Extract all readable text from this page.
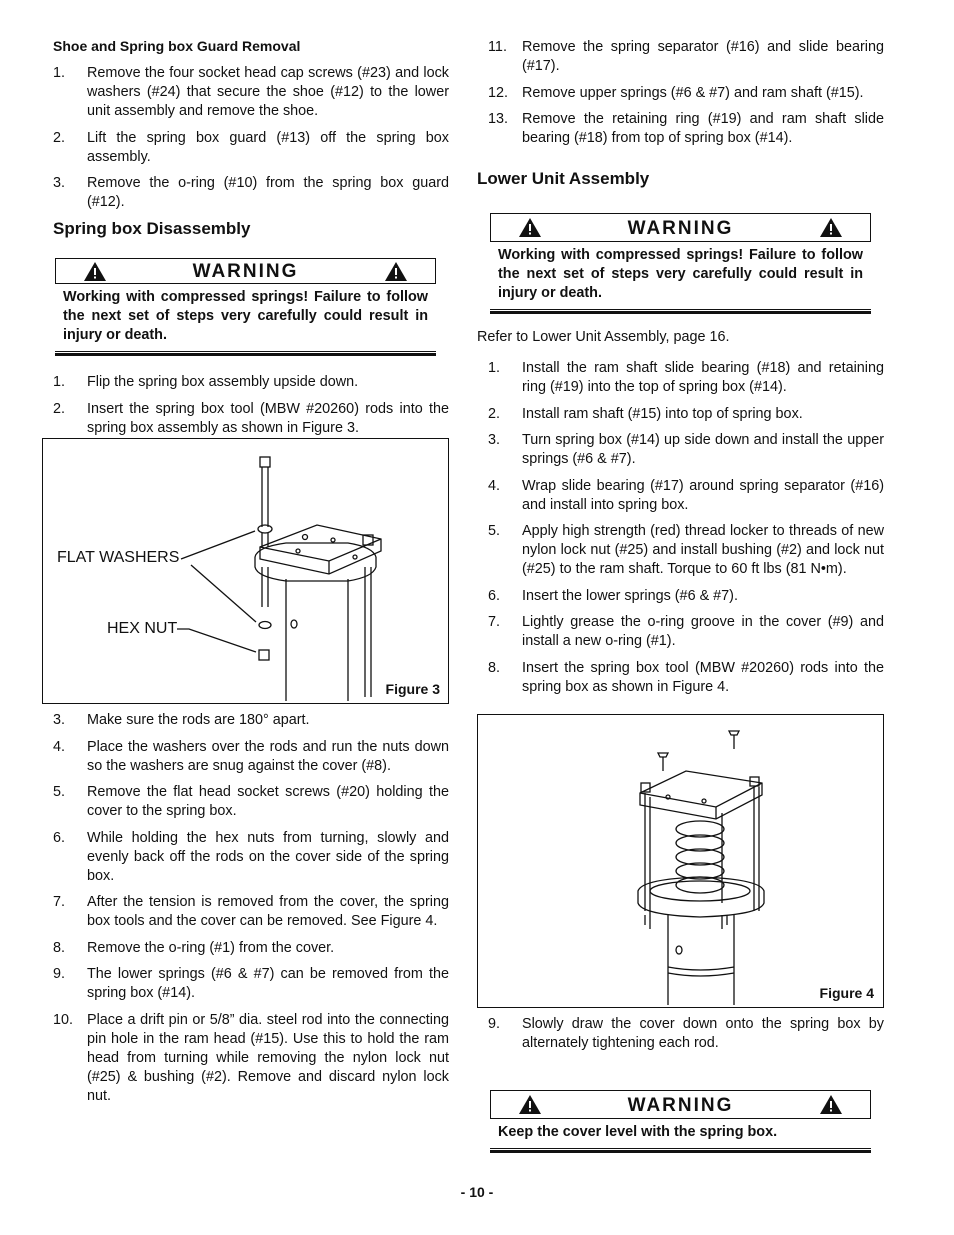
Shoe and Spring box Guard Removal
1. Remove the four socket head cap screws (#23) and lock washers (#24) that secure the shoe (#12) to the lower unit assembly and remove the shoe.
2. Lift the spring box guard (#13) off the spring box assembly.
3. Remove the o-ring (#10) from the spring box guard (#12).
Spring box Disassembly
WARNING
Working with compressed springs! Failure to follow the next set of steps very carefully could result in injury or death.
1. Flip the spring box assembly upside down.
2. Insert the spring box tool (MBW #20260) rods into the spring box assembly as shown in Figure 3.
FLAT WASHERS
HEX NUT
Figure 3
3. Make sure the rods are 180° apart.
4. Place the washers over the rods and run the nuts down so the washers are snug against the cover (#8).
5. Remove the flat head socket screws (#20) holding the cover to the spring box.
6. While holding the hex nuts from turning, slowly and evenly back off the rods on the cover side of the spring box.
7. After the tension is removed from the cover, the spring box tools and the cover can be removed. See Figure 4.
8. Remove the o-ring (#1) from the cover.
9. The lower springs (#6 & #7) can be removed from the spring box (#14).
10. Place a drift pin or 5/8” dia. steel rod into the connecting pin hole in the ram head (#15). Use this to hold the ram head from turning while removing the nylon lock nut (#25) & bushing (#2). Remove and discard nylon lock nut.
11. Remove the spring separator (#16) and slide bearing (#17).
12. Remove upper springs (#6 & #7) and ram shaft (#15).
13. Remove the retaining ring (#19) and ram shaft slide bearing (#18) from top of spring box (#14).
Lower Unit Assembly
WARNING
Working with compressed springs! Failure to follow the next set of steps very carefully could result in injury or death.
Refer to Lower Unit Assembly, page 16.
1. Install the ram shaft slide bearing (#18) and retaining ring (#19) into the top of spring box (#14).
2. Install ram shaft (#15) into top of spring box.
3. Turn spring box (#14) up side down and install the upper springs (#6 & #7).
4. Wrap slide bearing (#17) around spring separator (#16) and install into spring box.
5. Apply high strength (red) thread locker to threads of new nylon lock nut (#25) and install bushing (#2) and lock nut (#25) to the ram shaft. Torque to 60 ft lbs (81 N•m).
6. Insert the lower springs (#6 & #7).
7. Lightly grease the o-ring groove in the cover (#9) and install a new o-ring (#1).
8. Insert the spring box tool (MBW #20260) rods into the spring box as shown in Figure 4.
Figure 4
9. Slowly draw the cover down onto the spring box by alternately tightening each rod.
WARNING
Keep the cover level with the spring box.
- 10 -
